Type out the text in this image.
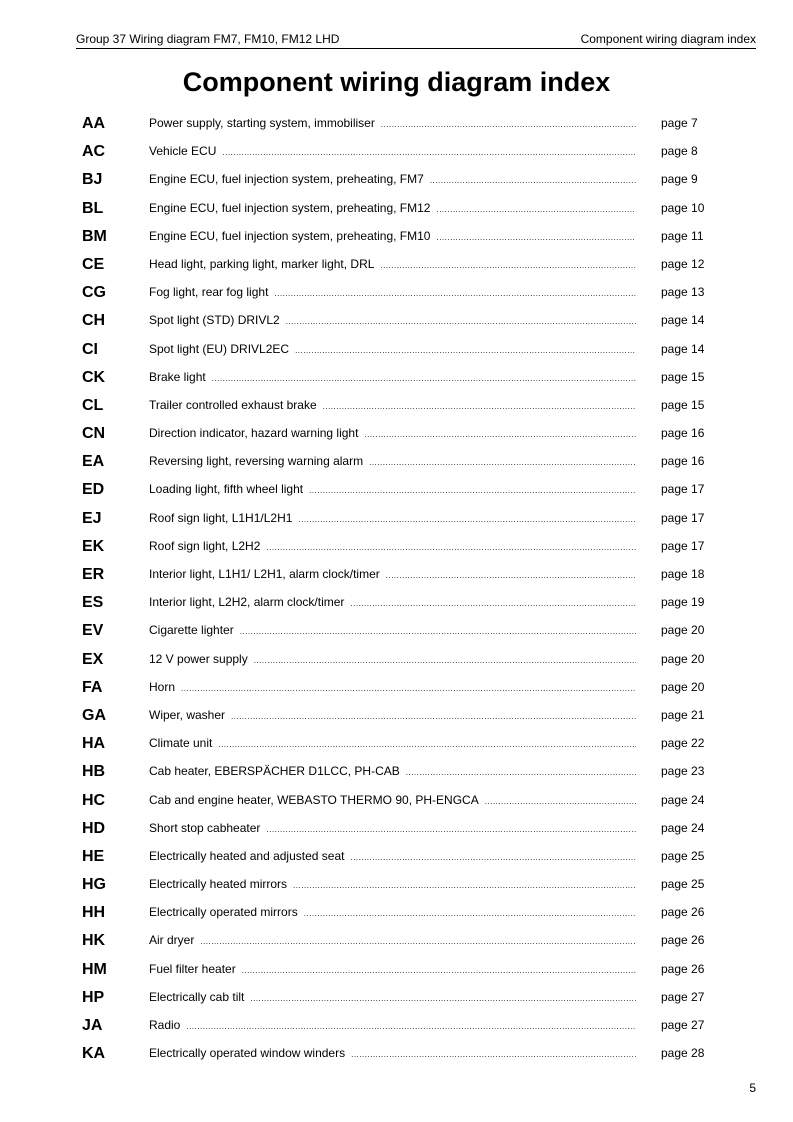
Group 37 Wiring diagram FM7, FM10, FM12 LHD	Component wiring diagram index
Component wiring diagram index
AA	Power supply, starting system, immobiliser .....	page 7
AC	Vehicle ECU .....	page 8
BJ	Engine ECU, fuel injection system, preheating, FM7 .....	page 9
BL	Engine ECU, fuel injection system, preheating, FM12 .....	page 10
BM	Engine ECU, fuel injection system, preheating, FM10 .....	page 11
CE	Head light, parking light, marker light, DRL .....	page 12
CG	Fog light, rear fog light .....	page 13
CH	Spot light (STD) DRIVL2 .....	page 14
CI	Spot light (EU) DRIVL2EC .....	page 14
CK	Brake light .....	page 15
CL	Trailer controlled exhaust brake .....	page 15
CN	Direction indicator, hazard warning light .....	page 16
EA	Reversing light, reversing warning alarm .....	page 16
ED	Loading light, fifth wheel light .....	page 17
EJ	Roof sign light, L1H1/L2H1 .....	page 17
EK	Roof sign light, L2H2 .....	page 17
ER	Interior light, L1H1/ L2H1, alarm clock/timer .....	page 18
ES	Interior light, L2H2, alarm clock/timer .....	page 19
EV	Cigarette lighter .....	page 20
EX	12 V power supply .....	page 20
FA	Horn .....	page 20
GA	Wiper, washer .....	page 21
HA	Climate unit .....	page 22
HB	Cab heater, EBERSPÄCHER D1LCC, PH-CAB .....	page 23
HC	Cab and engine heater, WEBASTO THERMO 90, PH-ENGCA .....	page 24
HD	Short stop cabheater .....	page 24
HE	Electrically heated and adjusted seat .....	page 25
HG	Electrically heated mirrors .....	page 25
HH	Electrically operated mirrors .....	page 26
HK	Air dryer .....	page 26
HM	Fuel filter heater .....	page 26
HP	Electrically cab tilt .....	page 27
JA	Radio .....	page 27
KA	Electrically operated window winders .....	page 28
5
